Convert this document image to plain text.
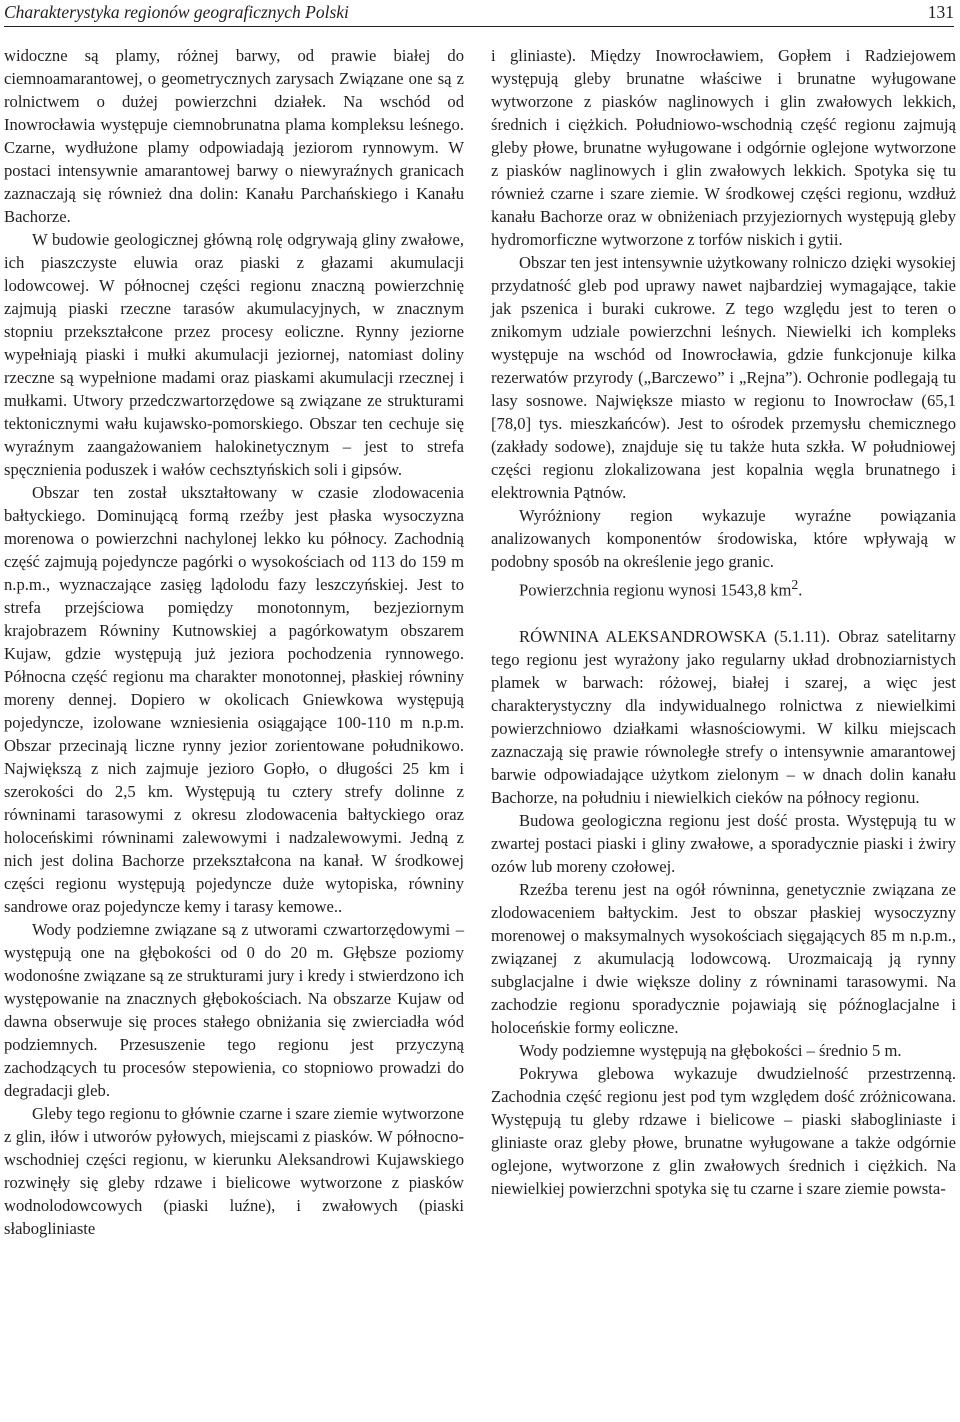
Charakterystyka regionów geograficznych Polski	131

widoczne są plamy, różnej barwy, od prawie białej do ciemnoamarantowej, o geometrycznych zarysach Związane one są z rolnictwem o dużej powierzchni działek. Na wschód od Inowrocławia występuje ciemnobrunatna plama kompleksu leśnego. Czarne, wydłużone plamy odpowiadają jeziorom rynnowym. W postaci intensywnie amarantowej barwy o niewyraźnych granicach zaznaczają się również dna dolin: Kanału Parchańskiego i Kanału Bachorze.

W budowie geologicznej główną rolę odgrywają gliny zwałowe, ich piaszczyste eluwia oraz piaski z głazami akumulacji lodowcowej. W północnej części regionu znaczną powierzchnię zajmują piaski rzeczne tarasów akumulacyjnych, w znacznym stopniu przekształcone przez procesy eoliczne. Rynny jeziorne wypełniają piaski i mułki akumulacji jeziornej, natomiast doliny rzeczne są wypełnione madami oraz piaskami akumulacji rzecznej i mułkami. Utwory przedczwartorzędowe są związane ze strukturami tektonicznymi wału kujawsko-pomorskiego. Obszar ten cechuje się wyraźnym zaangażowaniem halokinetycznym – jest to strefa spęcznienia poduszek i wałów cechsztyńskich soli i gipsów.

Obszar ten został ukształtowany w czasie zlodowacenia bałtyckiego. Dominującą formą rzeźby jest płaska wysoczyzna morenowa o powierzchni nachylonej lekko ku północy. Zachodnią część zajmują pojedyncze pagórki o wysokościach od 113 do 159 m n.p.m., wyznaczające zasięg lądolodu fazy leszczyńskiej. Jest to strefa przejściowa pomiędzy monotonnym, bezjeziornym krajobrazem Równiny Kutnowskiej a pagórkowatym obszarem Kujaw, gdzie występują już jeziora pochodzenia rynnowego. Północna część regionu ma charakter monotonnej, płaskiej równiny moreny dennej. Dopiero w okolicach Gniewkowa występują pojedyncze, izolowane wzniesienia osiągające 100-110 m n.p.m. Obszar przecinają liczne rynny jezior zorientowane południkowo. Największą z nich zajmuje jezioro Gopło, o długości 25 km i szerokości do 2,5 km. Występują tu cztery strefy dolinne z równinami tarasowymi z okresu zlodowacenia bałtyckiego oraz holoceńskimi równinami zalewowymi i nadzalewowymi. Jedną z nich jest dolina Bachorze przekształcona na kanał. W środkowej części regionu występują pojedyncze duże wytopiska, równiny sandrowe oraz pojedyncze kemy i tarasy kemowe..

Wody podziemne związane są z utworami czwartorzędowymi – występują one na głębokości od 0 do 20 m. Głębsze poziomy wodonośne związane są ze strukturami jury i kredy i stwierdzono ich występowanie na znacznych głębokościach. Na obszarze Kujaw od dawna obserwuje się proces stałego obniżania się zwierciadła wód podziemnych. Przesuszenie tego regionu jest przyczyną zachodzących tu procesów stepowienia, co stopniowo prowadzi do degradacji gleb.

Gleby tego regionu to głównie czarne i szare ziemie wytworzone z glin, iłów i utworów pyłowych, miejscami z piasków. W północno-wschodniej części regionu, w kierunku Aleksandrowi Kujawskiego rozwinęły się gleby rdzawe i bielicowe wytworzone z piasków wodnolodowcowych (piaski luźne), i zwałowych (piaski słabogliniaste

i gliniaste). Między Inowrocławiem, Gopłem i Radziejowem występują gleby brunatne właściwe i brunatne wyługowane wytworzone z piasków naglinowych i glin zwałowych lekkich, średnich i ciężkich. Południowo-wschodnią część regionu zajmują gleby płowe, brunatne wyługowane i odgórnie oglejone wytworzone z piasków naglinowych i glin zwałowych lekkich. Spotyka się tu również czarne i szare ziemie. W środkowej części regionu, wzdłuż kanału Bachorze oraz w obniżeniach przyjeziornych występują gleby hydromorficzne wytworzone z torfów niskich i gytii.

Obszar ten jest intensywnie użytkowany rolniczo dzięki wysokiej przydatność gleb pod uprawy nawet najbardziej wymagające, takie jak pszenica i buraki cukrowe. Z tego względu jest to teren o znikomym udziale powierzchni leśnych. Niewielki ich kompleks występuje na wschód od Inowrocławia, gdzie funkcjonuje kilka rezerwatów przyrody („Barczewo” i „Rejna”). Ochronie podlegają tu lasy sosnowe. Największe miasto w regionu to Inowrocław (65,1 [78,0] tys. mieszkańców). Jest to ośrodek przemysłu chemicznego (zakłady sodowe), znajduje się tu także huta szkła. W południowej części regionu zlokalizowana jest kopalnia węgla brunatnego i elektrownia Pątnów.

Wyróżniony region wykazuje wyraźne powiązania analizowanych komponentów środowiska, które wpływają w podobny sposób na określenie jego granic.

Powierzchnia regionu wynosi 1543,8 $km^2$.

RÓWNINA ALEKSANDROWSKA (5.1.11). Obraz satelitarny tego regionu jest wyrażony jako regularny układ drobnoziarnistych plamek w barwach: różowej, białej i szarej, a więc jest charakterystyczny dla indywidualnego rolnictwa z niewielkimi powierzchniowo działkami własnościowymi. W kilku miejscach zaznaczają się prawie równoległe strefy o intensywnie amarantowej barwie odpowiadające użytkom zielonym – w dnach dolin kanału Bachorze, na południu i niewielkich cieków na północy regionu.

Budowa geologiczna regionu jest dość prosta. Występują tu w zwartej postaci piaski i gliny zwałowe, a sporadycznie piaski i żwiry ozów lub moreny czołowej.

Rzeźba terenu jest na ogół równinna, genetycznie związana ze zlodowaceniem bałtyckim. Jest to obszar płaskiej wysoczyzny morenowej o maksymalnych wysokościach sięgających 85 m n.p.m., związanej z akumulacją lodowcową. Urozmaicają ją rynny subglacjalne i dwie większe doliny z równinami tarasowymi. Na zachodzie regionu sporadycznie pojawiają się późnoglacjalne i holoceńskie formy eoliczne.

Wody podziemne występują na głębokości – średnio 5 m.

Pokrywa glebowa wykazuje dwudzielność przestrzenną. Zachodnia część regionu jest pod tym względem dość zróżnicowana. Występują tu gleby rdzawe i bielicowe – piaski słabogliniaste i gliniaste oraz gleby płowe, brunatne wyługowane a także odgórnie oglejone, wytworzone z glin zwałowych średnich i ciężkich. Na niewielkiej powierzchni spotyka się tu czarne i szare ziemie powsta-
